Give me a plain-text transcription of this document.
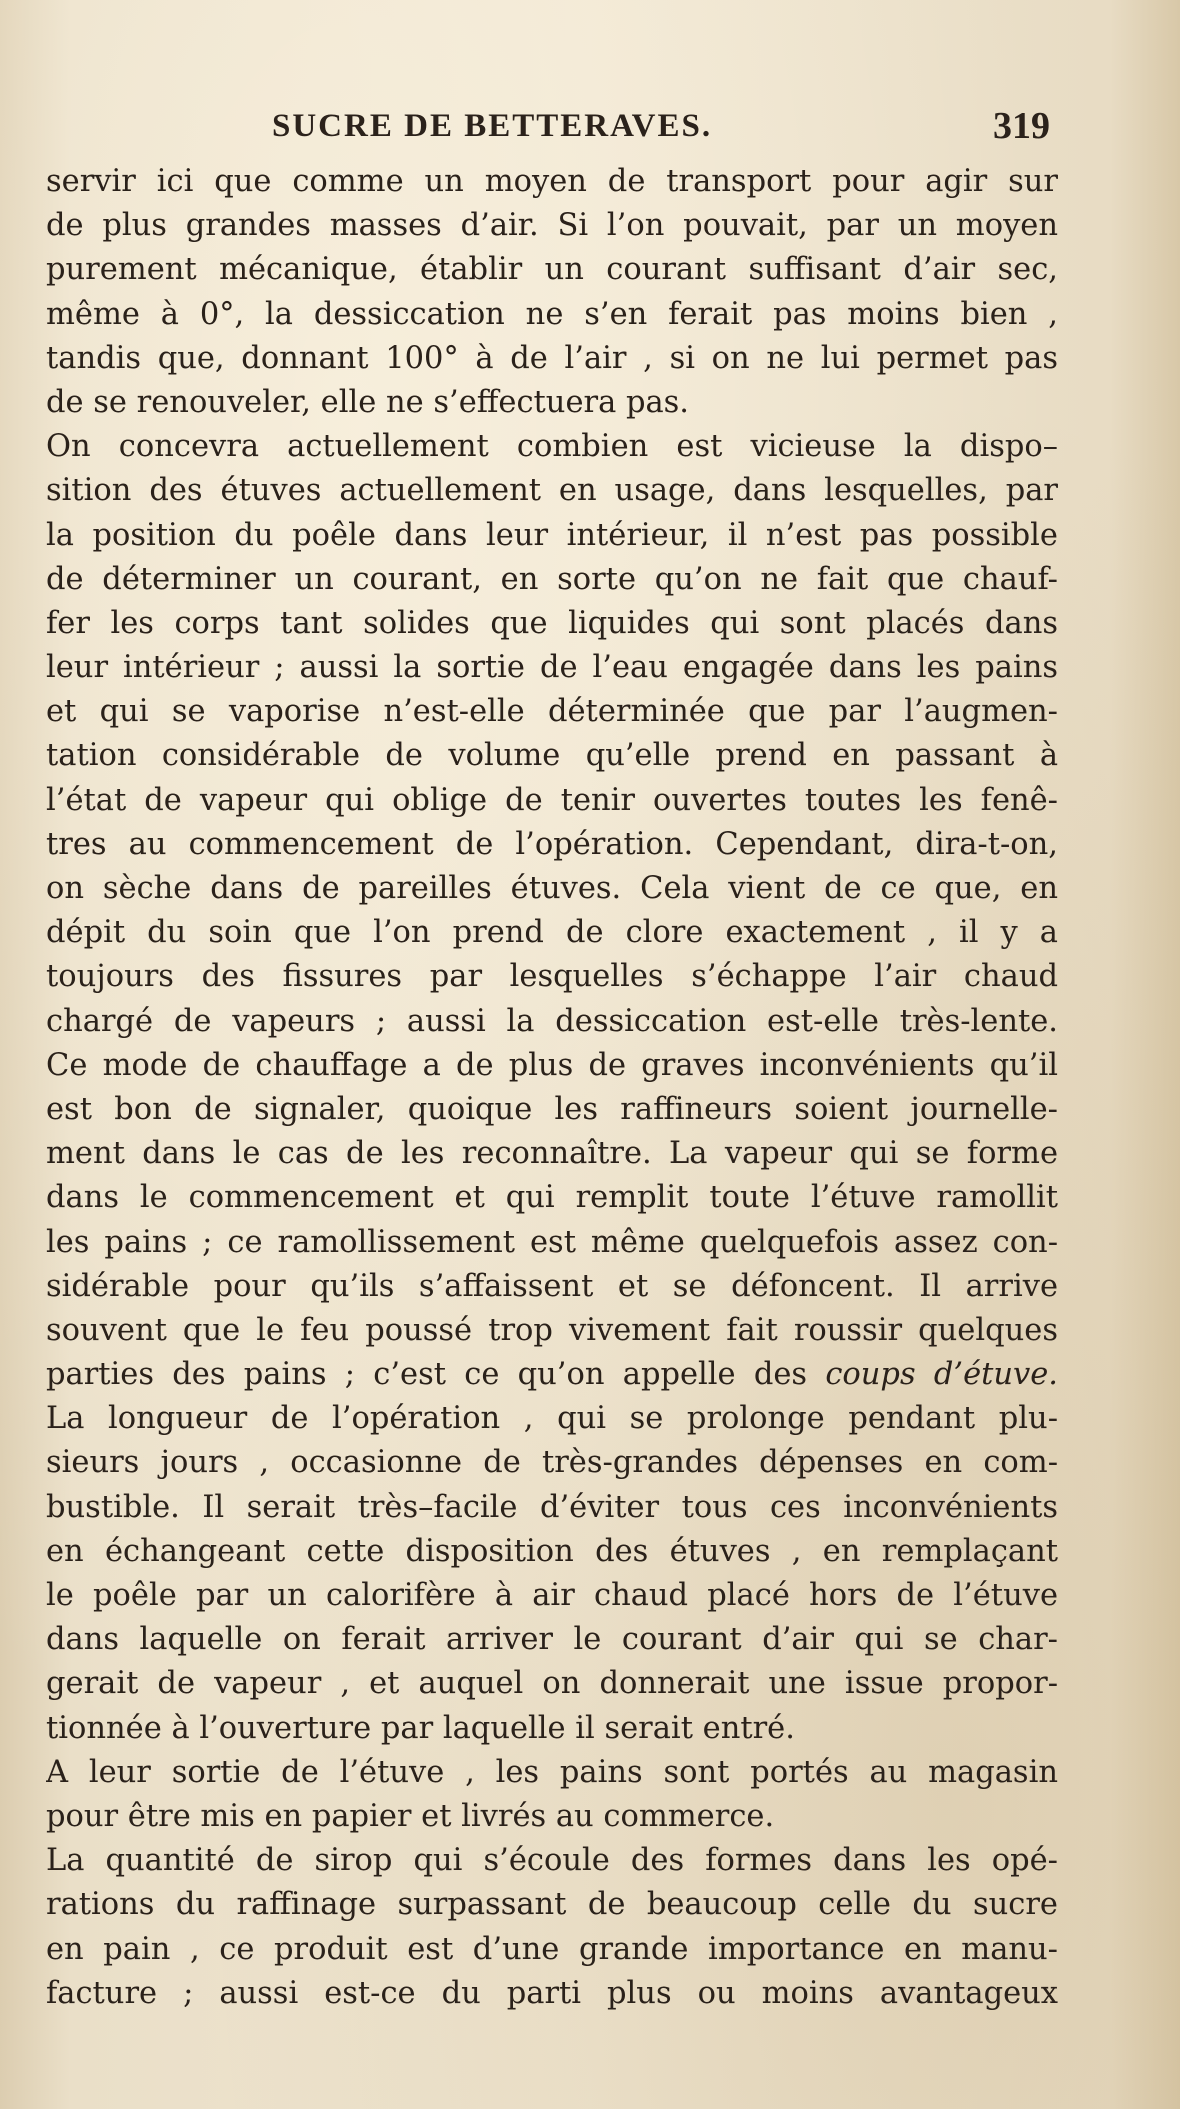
SUCRE DE BETTERAVES.	319
servir ici que comme un moyen de transport pour agir sur
de plus grandes masses d’air. Si l’on pouvait, par un moyen
purement mécanique, établir un courant suffisant d’air sec,
même à 0°, la dessiccation ne s’en ferait pas moins bien ,
tandis que, donnant 100° à de l’air , si on ne lui permet pas
de se renouveler, elle ne s’effectuera pas.
On concevra actuellement combien est vicieuse la dispo–
sition des étuves actuellement en usage, dans lesquelles, par
la position du poêle dans leur intérieur, il n’est pas possible
de déterminer un courant, en sorte qu’on ne fait que chauf-
fer les corps tant solides que liquides qui sont placés dans
leur intérieur ; aussi la sortie de l’eau engagée dans les pains
et qui se vaporise n’est-elle déterminée que par l’augmen-
tation considérable de volume qu’elle prend en passant à
l’état de vapeur qui oblige de tenir ouvertes toutes les fenê-
tres au commencement de l’opération. Cependant, dira-t-on,
on sèche dans de pareilles étuves. Cela vient de ce que, en
dépit du soin que l’on prend de clore exactement , il y a
toujours des fissures par lesquelles s’échappe l’air chaud
chargé de vapeurs ; aussi la dessiccation est-elle très-lente.
Ce mode de chauffage a de plus de graves inconvénients qu’il
est bon de signaler, quoique les raffineurs soient journelle-
ment dans le cas de les reconnaître. La vapeur qui se forme
dans le commencement et qui remplit toute l’étuve ramollit
les pains ; ce ramollissement est même quelquefois assez con-
sidérable pour qu’ils s’affaissent et se défoncent. Il arrive
souvent que le feu poussé trop vivement fait roussir quelques
parties des pains ; c’est ce qu’on appelle des coups d’étuve.
La longueur de l’opération , qui se prolonge pendant plu-
sieurs jours , occasionne de très-grandes dépenses en com-
bustible. Il serait très–facile d’éviter tous ces inconvénients
en échangeant cette disposition des étuves , en remplaçant
le poêle par un calorifère à air chaud placé hors de l’étuve
dans laquelle on ferait arriver le courant d’air qui se char-
gerait de vapeur , et auquel on donnerait une issue propor-
tionnée à l’ouverture par laquelle il serait entré.
A leur sortie de l’étuve , les pains sont portés au magasin
pour être mis en papier et livrés au commerce.
La quantité de sirop qui s’écoule des formes dans les opé-
rations du raffinage surpassant de beaucoup celle du sucre
en pain , ce produit est d’une grande importance en manu-
facture ; aussi est-ce du parti plus ou moins avantageux
